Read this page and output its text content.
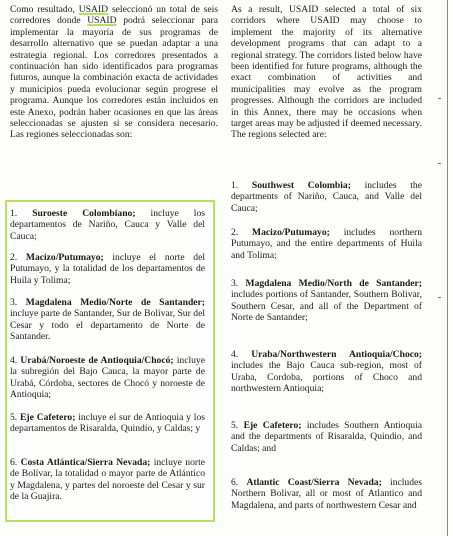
Como resultado, USAID seleccionó un total de seis corredores donde USAID podrá seleccionar para implementar la mayoría de sus programas de desarrollo alternativo que se puedan adaptar a una estrategia regional. Los corredores presentados a continuación han sido identificados para programas futuros, aunque la combinación exacta de actividades y municipios pueda evolucionar según progrese el programa. Aunque los corredores están incluidos en este Anexo, podrán haber ocasiones en que las áreas seleccionadas se ajusten si se considera necesario. Las regiones seleccionadas son:

1. Suroeste Colombiano; incluye los departamentos de Nariño, Cauca y Valle del Cauca;
2. Macizo/Putumayo; incluye el norte del Putumayo, y la totalidad de los departamentos de Huila y Tolima;
3. Magdalena Medio/Norte de Santander; incluye parte de Santander, Sur de Bolívar, Sur del Cesar y todo el departamento de Norte de Santander.
4. Urabá/Noroeste de Antioquia/Chocó; incluye la subregión del Bajo Cauca, la mayor parte de Urabá, Córdoba, sectores de Chocó y noroeste de Antioquia;
5. Eje Cafetero; incluye el sur de Antioquia y los departamentos de Risaralda, Quindío, y Caldas; y
6. Costa Atlántica/Sierra Nevada; incluye norte de Bolívar, la totalidad o mayor parte de Atlántico y Magdalena, y partes del noroeste del Cesar y sur de la Guajira.

As a result, USAID selected a total of six corridors where USAID may choose to implement the majority of its alternative development programs that can adapt to a regional strategy. The corridors listed below have been identified for future programs, although the exact combination of activities and municipalities may evolve as the program progresses. Although the corridors are included in this Annex, there may be occasions when target areas may be adjusted if deemed necessary. The regions selected are:

1. Southwest Colombia; includes the departments of Nariño, Cauca, and Valle del Cauca;
2. Macizo/Putumayo; includes northern Putumayo, and the entire departments of Huila and Tolima;
3. Magdalena Medio/North de Santander; includes portions of Santander, Southern Bolivar, Southern Cesar, and all of the Department of Norte de Santander;
4. Uraba/Northwestern Antioquia/Choco; includes the Bajo Cauca sub-region, most of Uraba, Cordoba, portions of Choco and northwestern Antioquia;
5. Eje Cafetero; includes Southern Antioquia and the departments of Risaralda, Quindio, and Caldas; and
6. Atlantic Coast/Sierra Nevada; includes Northern Bolivar, all or most of Atlantico and Magdalena, and parts of northwestern Cesar and
